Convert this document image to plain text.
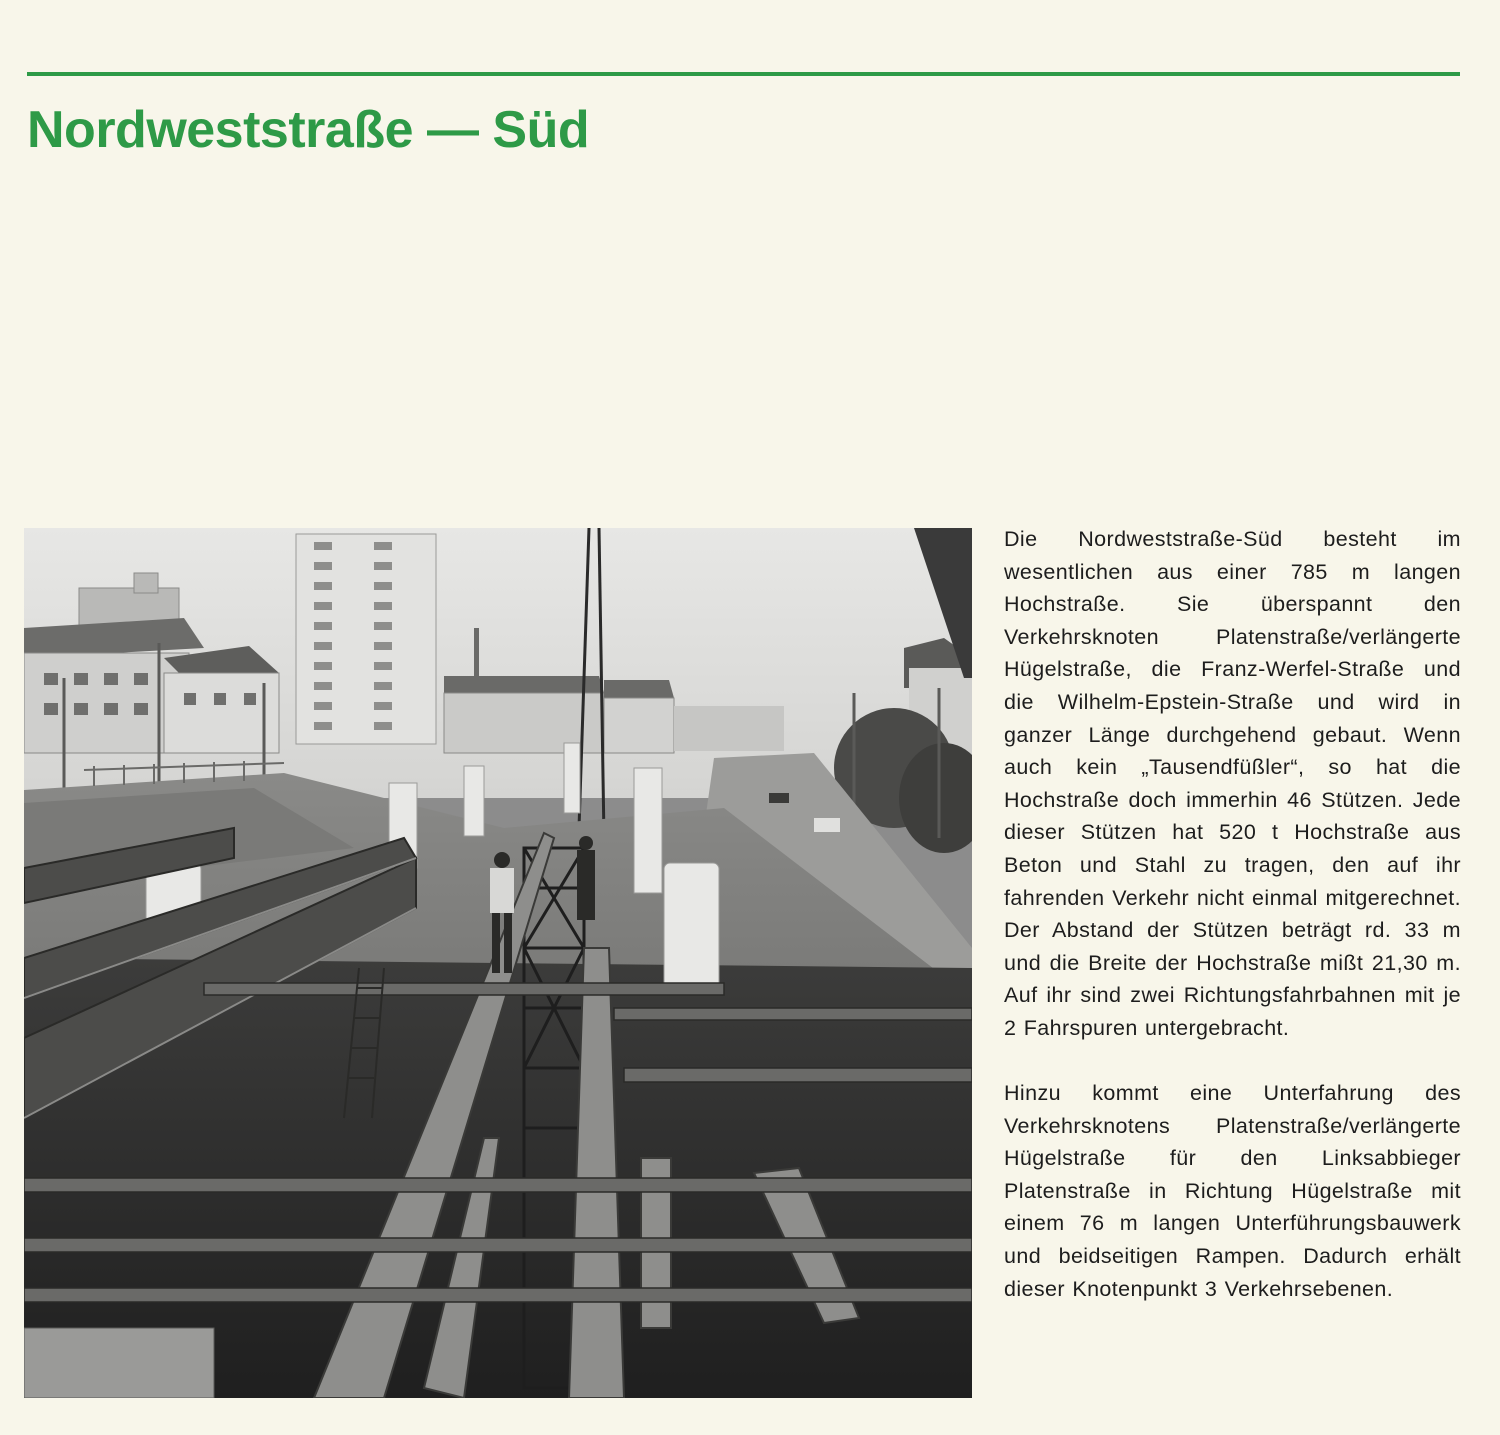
Nordweststraße — Süd

Die Nordweststraße-Süd besteht im wesentlichen aus einer 785 m langen Hochstraße. Sie überspannt den Verkehrsknoten Platenstraße/verlängerte Hügelstraße, die Franz-Werfel-Straße und die Wilhelm-Epstein-Straße und wird in ganzer Länge durchgehend gebaut. Wenn auch kein „Tausendfüßler“, so hat die Hochstraße doch immerhin 46 Stützen. Jede dieser Stützen hat 520 t Hochstraße aus Beton und Stahl zu tragen, den auf ihr fahrenden Verkehr nicht einmal mitgerechnet. Der Abstand der Stützen beträgt rd. 33 m und die Breite der Hochstraße mißt 21,30 m. Auf ihr sind zwei Richtungsfahrbahnen mit je 2 Fahrspuren untergebracht.

Hinzu kommt eine Unterfahrung des Verkehrsknotens Platenstraße/verlängerte Hügelstraße für den Linksabbieger Platenstraße in Richtung Hügelstraße mit einem 76 m langen Unterführungsbauwerk und beidseitigen Rampen. Dadurch erhält dieser Knotenpunkt 3 Verkehrsebenen.
